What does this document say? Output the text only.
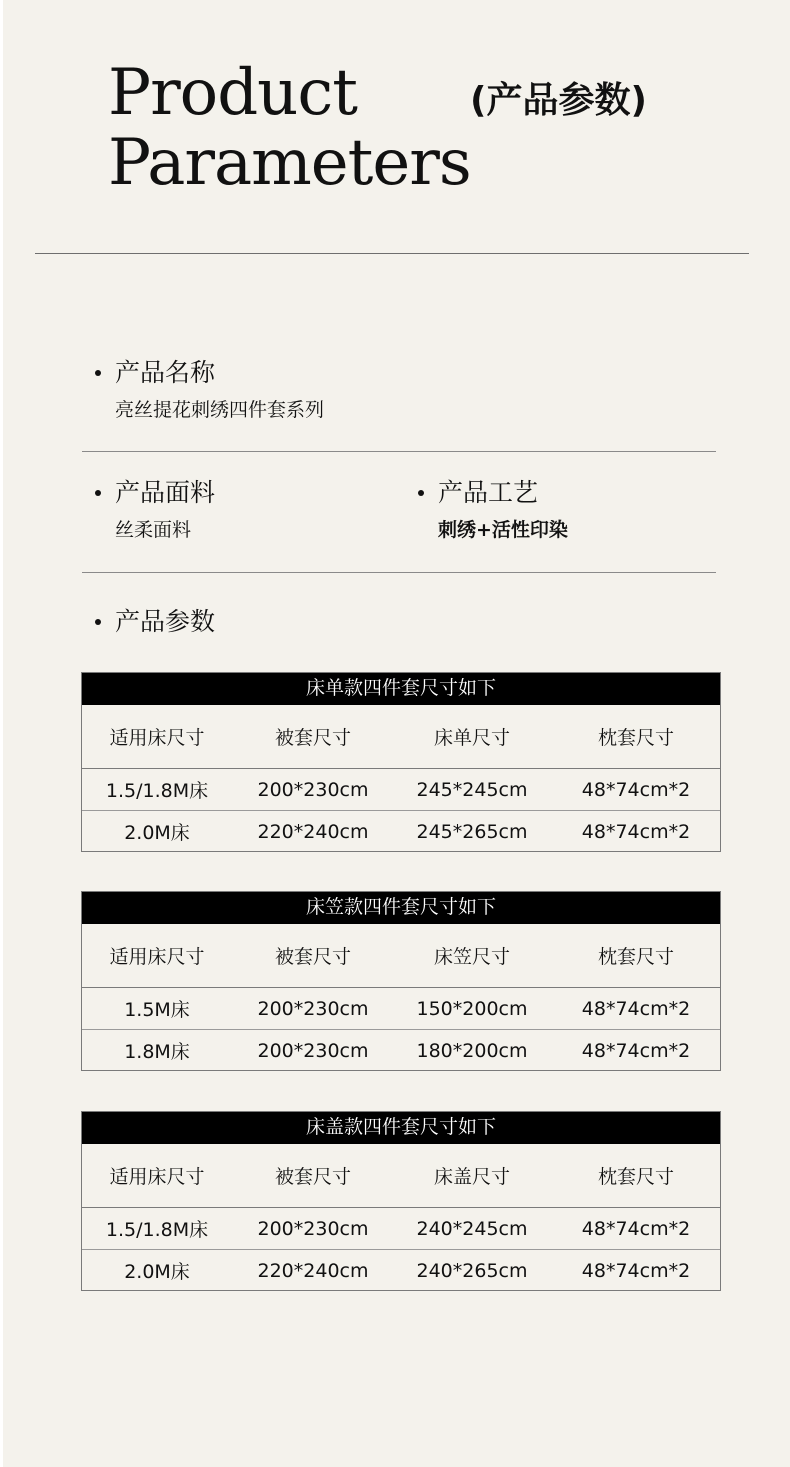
Product
Parameters
(产品参数)
产品名称
亮丝提花刺绣四件套系列
产品面料
丝柔面料
产品工艺
刺绣+活性印染
产品参数
床单款四件套尺寸如下
适用床尺寸	被套尺寸	床单尺寸	枕套尺寸
1.5/1.8M床	200*230cm	245*245cm	48*74cm*2
2.0M床	220*240cm	245*265cm	48*74cm*2
床笠款四件套尺寸如下
适用床尺寸	被套尺寸	床笠尺寸	枕套尺寸
1.5M床	200*230cm	150*200cm	48*74cm*2
1.8M床	200*230cm	180*200cm	48*74cm*2
床盖款四件套尺寸如下
适用床尺寸	被套尺寸	床盖尺寸	枕套尺寸
1.5/1.8M床	200*230cm	240*245cm	48*74cm*2
2.0M床	220*240cm	240*265cm	48*74cm*2
